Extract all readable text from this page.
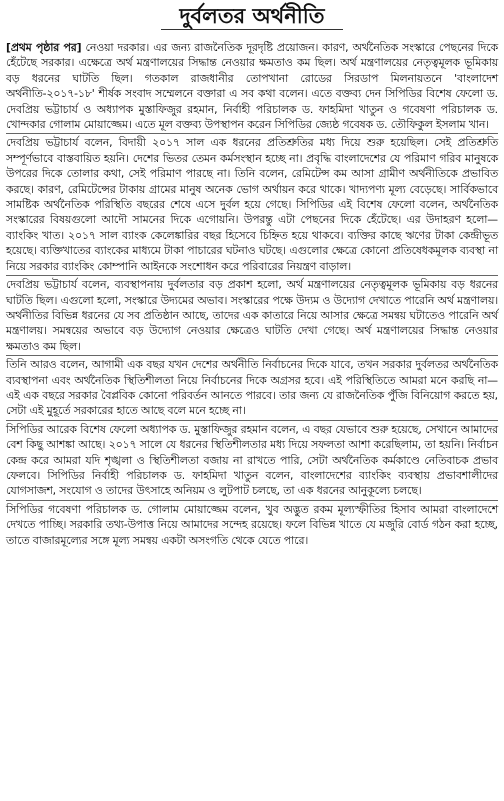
দুর্বলতর অর্থনীতি

[প্রথম পৃষ্ঠার পর] নেওয়া দরকার। এর জন্য রাজনৈতিক দূরদৃষ্টি প্রয়োজন। কারণ, অর্থনৈতিক সংস্কারে পেছনের দিকে হেঁটেছে সরকার। এক্ষেত্রে অর্থ মন্ত্রণালয়ের সিদ্ধান্ত নেওয়ার ক্ষমতাও কম ছিল। অর্থ মন্ত্রণালয়ের নেতৃত্বমূলক ভূমিকায় বড় ধরনের ঘাটতি ছিল। গতকাল রাজধানীর তোপখানা রোডের সিরডাপ মিলনায়তনে 'বাংলাদেশ অর্থনীতি-২০১৭-১৮' শীর্ষক সংবাদ সম্মেলনে বক্তারা এ সব কথা বলেন। এতে বক্তব্য দেন সিপিডির বিশেষ ফেলো ড. দেবপ্রিয় ভট্টাচার্য ও অধ্যাপক মুস্তাফিজুর রহমান, নির্বাহী পরিচালক ড. ফাহমিদা খাতুন ও গবেষণা পরিচালক ড. খোন্দকার গোলাম মোয়াজ্জেম। এতে মূল বক্তব্য উপস্থাপন করেন সিপিডির জ্যেষ্ঠ গবেষক ড. তৌফিকুল ইসলাম খান।

দেবপ্রিয় ভট্টাচার্য বলেন, বিদায়ী ২০১৭ সাল এক ধরনের প্রতিশ্রুতির মধ্য দিয়ে শুরু হয়েছিল। সেই প্রতিশ্রুতি সম্পূর্ণভাবে বাস্তবায়িত হয়নি। দেশের ভিতর তেমন কর্মসংস্থান হচ্ছে না। প্রবৃদ্ধি বাংলাদেশের যে পরিমাণ গরিব মানুষকে উপরের দিকে তোলার কথা, সেই পরিমাণ পারছে না। তিনি বলেন, রেমিটেন্স কম আসা গ্রামীণ অর্থনীতিকে প্রভাবিত করছে। কারণ, রেমিটেন্সের টাকায় গ্রামের মানুষ অনেক ভোগ অর্থায়ন করে থাকে। খাদ্যপণ্য মূল্য বেড়েছে। সার্বিকভাবে সামষ্টিক অর্থনৈতিক পরিস্থিতি বছরের শেষে এসে দুর্বল হয়ে গেছে। সিপিডির এই বিশেষ ফেলো বলেন, অর্থনৈতিক সংস্কারের বিষয়গুলো আদৌ সামনের দিকে এগোয়নি। উপরন্তু এটা পেছনের দিকে হেঁটেছে। এর উদাহরণ হলো— ব্যাংকিং খাত। ২০১৭ সাল ব্যাংক কেলেঙ্কারির বছর হিসেবে চিহ্নিত হয়ে থাকবে। ব্যক্তির কাছে ঋণের টাকা কেন্দ্রীভূত হয়েছে। ব্যক্তিখাতের ব্যাংকের মাধ্যমে টাকা পাচারের ঘটনাও ঘটছে। এগুলোর ক্ষেত্রে কোনো প্রতিষেধকমূলক ব্যবস্থা না নিয়ে সরকার ব্যাংকিং কোম্পানি আইনকে সংশোধন করে পরিবারের নিয়ন্ত্রণ বাড়াল।

দেবপ্রিয় ভট্টাচার্য বলেন, ব্যবস্থাপনায় দুর্বলতার বড় প্রকাশ হলো, অর্থ মন্ত্রণালয়ের নেতৃত্বমূলক ভূমিকায় বড় ধরনের ঘাটতি ছিল। এগুলো হলো, সংস্কারে উদ্যমের অভাব। সংস্কারের পক্ষে উদ্যম ও উদ্যোগ দেখাতে পারেনি অর্থ মন্ত্রণালয়। অর্থনীতির বিভিন্ন ধরনের যে সব প্রতিষ্ঠান আছে, তাদের এক কাতারে নিয়ে আসার ক্ষেত্রে সমন্বয় ঘটাতেও পারেনি অর্থ মন্ত্রণালয়। সমন্বয়ের অভাবে বড় উদ্যোগ নেওয়ার ক্ষেত্রেও ঘাটতি দেখা গেছে। অর্থ মন্ত্রণালয়ের সিদ্ধান্ত নেওয়ার ক্ষমতাও কম ছিল।

তিনি আরও বলেন, আগামী এক বছর যখন দেশের অর্থনীতি নির্বাচনের দিকে যাবে, তখন সরকার দুর্বলতর অর্থনৈতিক ব্যবস্থাপনা এবং অর্থনৈতিক স্থিতিশীলতা নিয়ে নির্বাচনের দিকে অগ্রসর হবে। এই পরিস্থিতিতে আমরা মনে করছি না— এই এক বছরে সরকার বৈপ্লবিক কোনো পরিবর্তন আনতে পারবে। তার জন্য যে রাজনৈতিক পুঁজি বিনিয়োগ করতে হয়, সেটা এই মুহূর্তে সরকারের হাতে আছে বলে মনে হচ্ছে না।

সিপিডির আরেক বিশেষ ফেলো অধ্যাপক ড. মুস্তাফিজুর রহমান বলেন, এ বছর যেভাবে শুরু হয়েছে, সেখানে আমাদের বেশ কিছু আশঙ্কা আছে। ২০১৭ সালে যে ধরনের স্থিতিশীলতার মধ্য দিয়ে সফলতা আশা করেছিলাম, তা হয়নি। নির্বাচন কেন্দ্র করে আমরা যদি শৃঙ্খলা ও স্থিতিশীলতা বজায় না রাখতে পারি, সেটা অর্থনৈতিক কর্মকাণ্ডে নেতিবাচক প্রভাব ফেলবে। সিপিডির নির্বাহী পরিচালক ড. ফাহমিদা খাতুন বলেন, বাংলাদেশের ব্যাংকিং ব্যবস্থায় প্রভাবশালীদের যোগসাজশ, সংযোগ ও তাদের উৎসাহে অনিয়ম ও লুটপাট চলছে, তা এক ধরনের আনুকূল্যে চলছে।

সিপিডির গবেষণা পরিচালক ড. গোলাম মোয়াজ্জেম বলেন, খুব অদ্ভুত রকম মূল্যস্ফীতির হিসাব আমরা বাংলাদেশে দেখতে পাচ্ছি। সরকারি তথ্য-উপাত্ত নিয়ে আমাদের সন্দেহ রয়েছে। ফলে বিভিন্ন খাতে যে মজুরি বোর্ড গঠন করা হচ্ছে, তাতে বাজারমূল্যের সঙ্গে মূল্য সমন্বয় একটা অসংগতি থেকে যেতে পারে।
